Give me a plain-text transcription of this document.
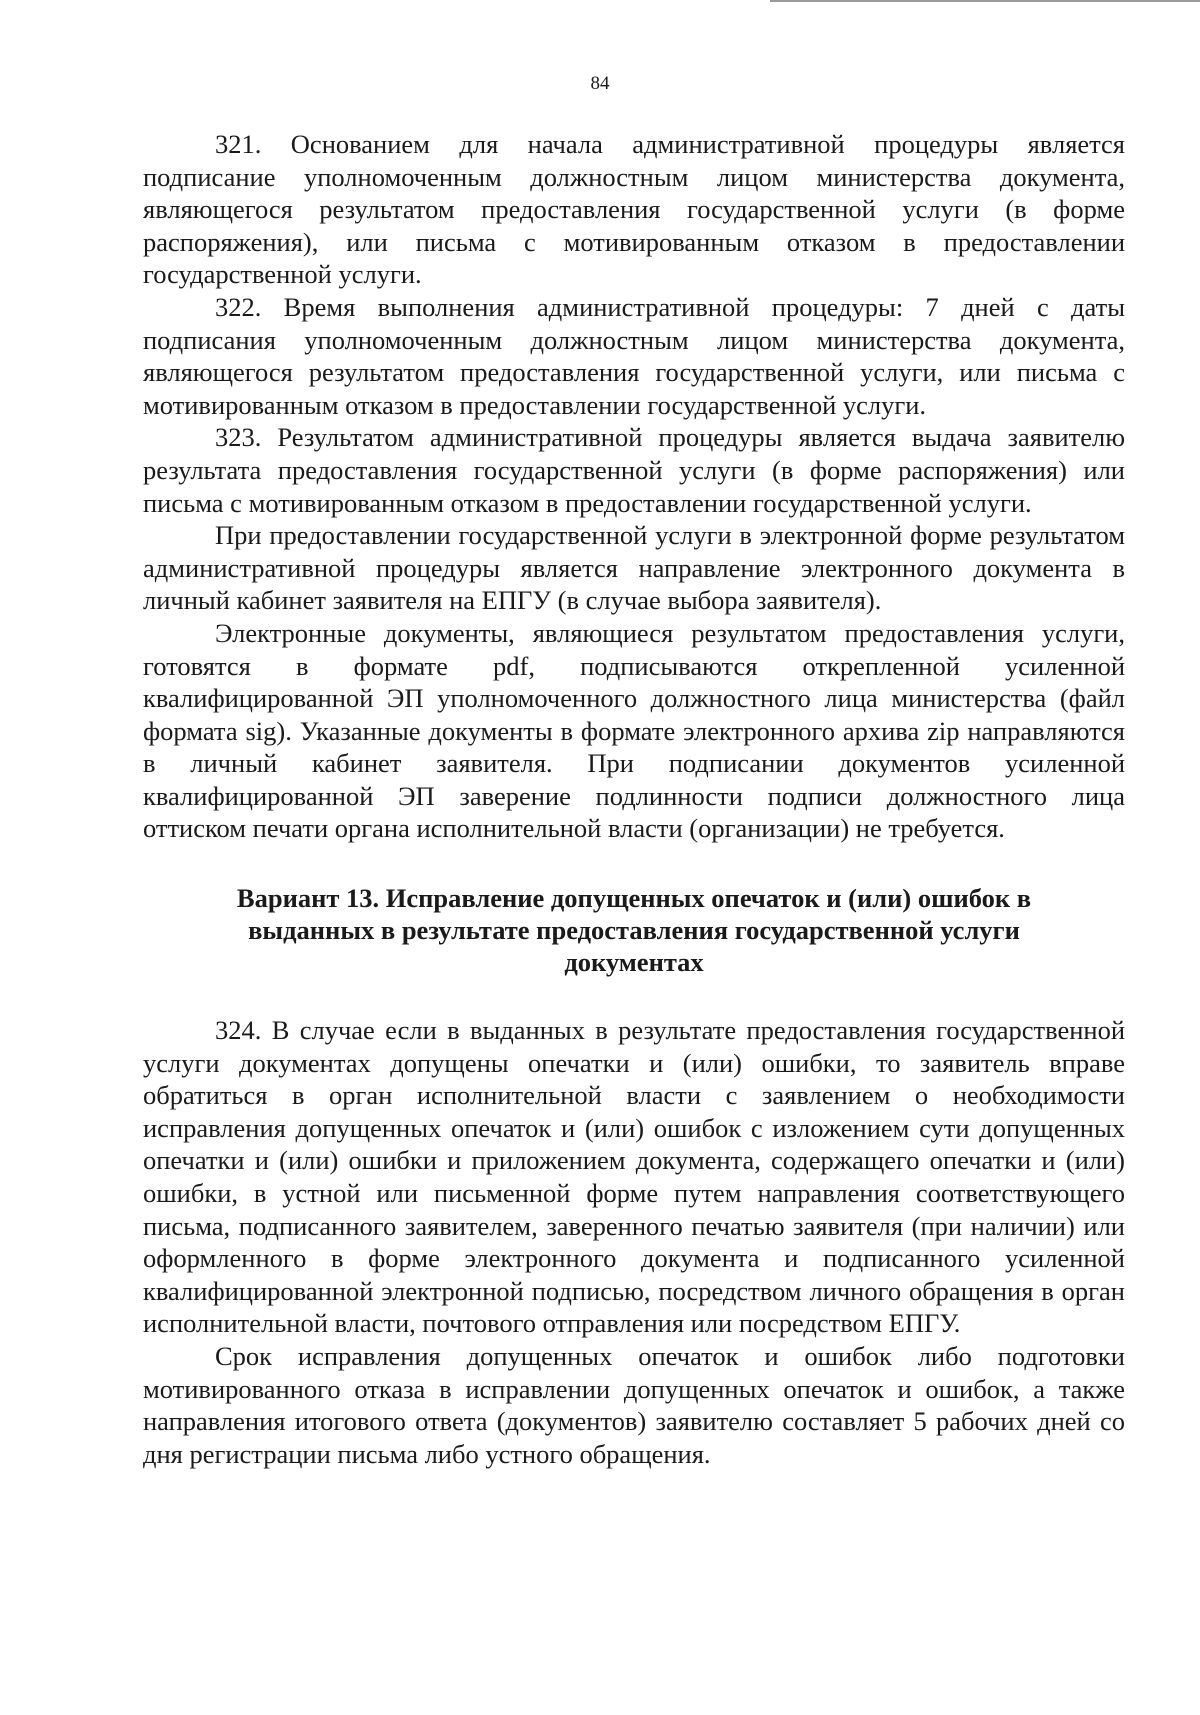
84

321. Основанием для начала административной процедуры является подписание уполномоченным должностным лицом министерства документа, являющегося результатом предоставления государственной услуги (в форме распоряжения), или письма с мотивированным отказом в предоставлении государственной услуги.

322. Время выполнения административной процедуры: 7 дней с даты подписания уполномоченным должностным лицом министерства документа, являющегося результатом предоставления государственной услуги, или письма с мотивированным отказом в предоставлении государственной услуги.

323. Результатом административной процедуры является выдача заявителю результата предоставления государственной услуги (в форме распоряжения) или письма с мотивированным отказом в предоставлении государственной услуги.

При предоставлении государственной услуги в электронной форме результатом административной процедуры является направление электронного документа в личный кабинет заявителя на ЕПГУ (в случае выбора заявителя).

Электронные документы, являющиеся результатом предоставления услуги, готовятся в формате pdf, подписываются открепленной усиленной квалифицированной ЭП уполномоченного должностного лица министерства (файл формата sig). Указанные документы в формате электронного архива zip направляются в личный кабинет заявителя. При подписании документов усиленной квалифицированной ЭП заверение подлинности подписи должностного лица оттиском печати органа исполнительной власти (организации) не требуется.

Вариант 13. Исправление допущенных опечаток и (или) ошибок в
выданных в результате предоставления государственной услуги
документах

324. В случае если в выданных в результате предоставления государственной услуги документах допущены опечатки и (или) ошибки, то заявитель вправе обратиться в орган исполнительной власти с заявлением о необходимости исправления допущенных опечаток и (или) ошибок с изложением сути допущенных опечатки и (или) ошибки и приложением документа, содержащего опечатки и (или) ошибки, в устной или письменной форме путем направления соответствующего письма, подписанного заявителем, заверенного печатью заявителя (при наличии) или оформленного в форме электронного документа и подписанного усиленной квалифицированной электронной подписью, посредством личного обращения в орган исполнительной власти, почтового отправления или посредством ЕПГУ.

Срок исправления допущенных опечаток и ошибок либо подготовки мотивированного отказа в исправлении допущенных опечаток и ошибок, а также направления итогового ответа (документов) заявителю составляет 5 рабочих дней со дня регистрации письма либо устного обращения.
